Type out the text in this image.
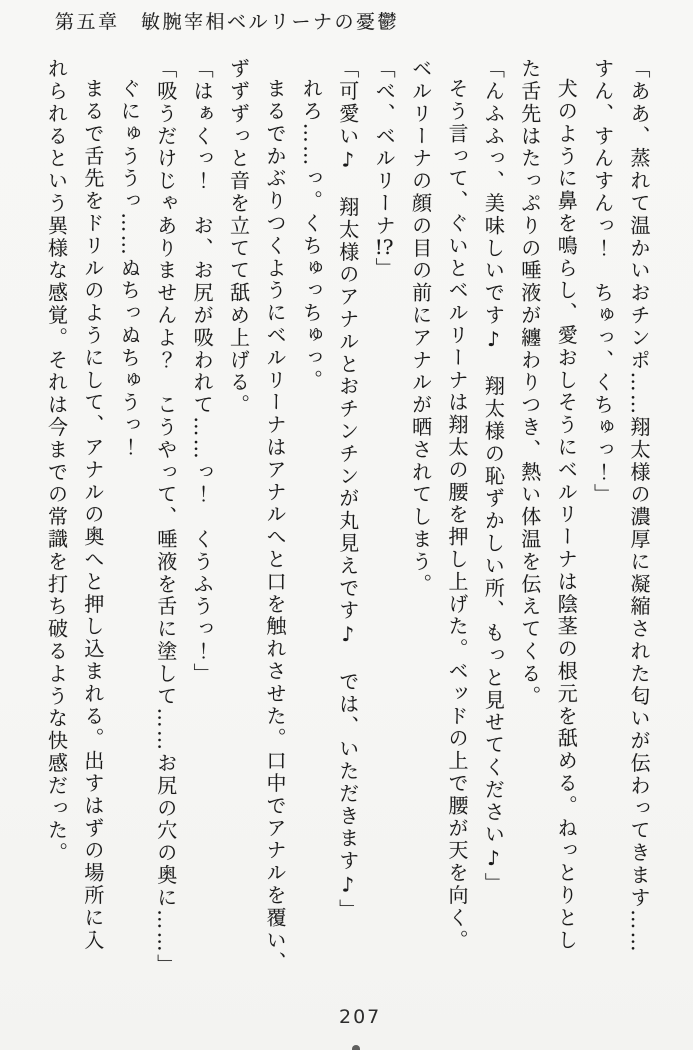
第五章　敏腕宰相ベルリーナの憂鬱

「ああ、蒸れて温かいおチンポ……翔太様の濃厚に凝縮された匂いが伝わってきます……

すん、すんすんっ！　ちゅっ、くちゅっ！」

犬のように鼻を鳴らし、愛おしそうにベルリーナは陰茎の根元を舐める。ねっとりとし

た舌先はたっぷりの唾液が纏わりつき、熱い体温を伝えてくる。

「んふふっ、美味しいです♪　翔太様の恥ずかしい所、もっと見せてください♪」

そう言って、ぐいとベルリーナは翔太の腰を押し上げた。ベッドの上で腰が天を向く。

ベルリーナの顔の目の前にアナルが晒されてしまう。

「べ、ベルリーナ!?」

「可愛い♪　翔太様のアナルとおチンチンが丸見えです♪　では、いただきます♪」

れろ……っ。くちゅっちゅっ。

まるでかぶりつくようにベルリーナはアナルへと口を触れさせた。口中でアナルを覆い、

ずずずっと音を立てて舐め上げる。

「はぁくっ！　お、お尻が吸われて……っ！　くうふうっ！」

「吸うだけじゃありませんよ？　こうやって、唾液を舌に塗して……お尻の穴の奥に……」

ぐにゅううっ……ぬちっぬちゅうっ！

まるで舌先をドリルのようにして、アナルの奥へと押し込まれる。出すはずの場所に入

れられるという異様な感覚。それは今までの常識を打ち破るような快感だった。

207
